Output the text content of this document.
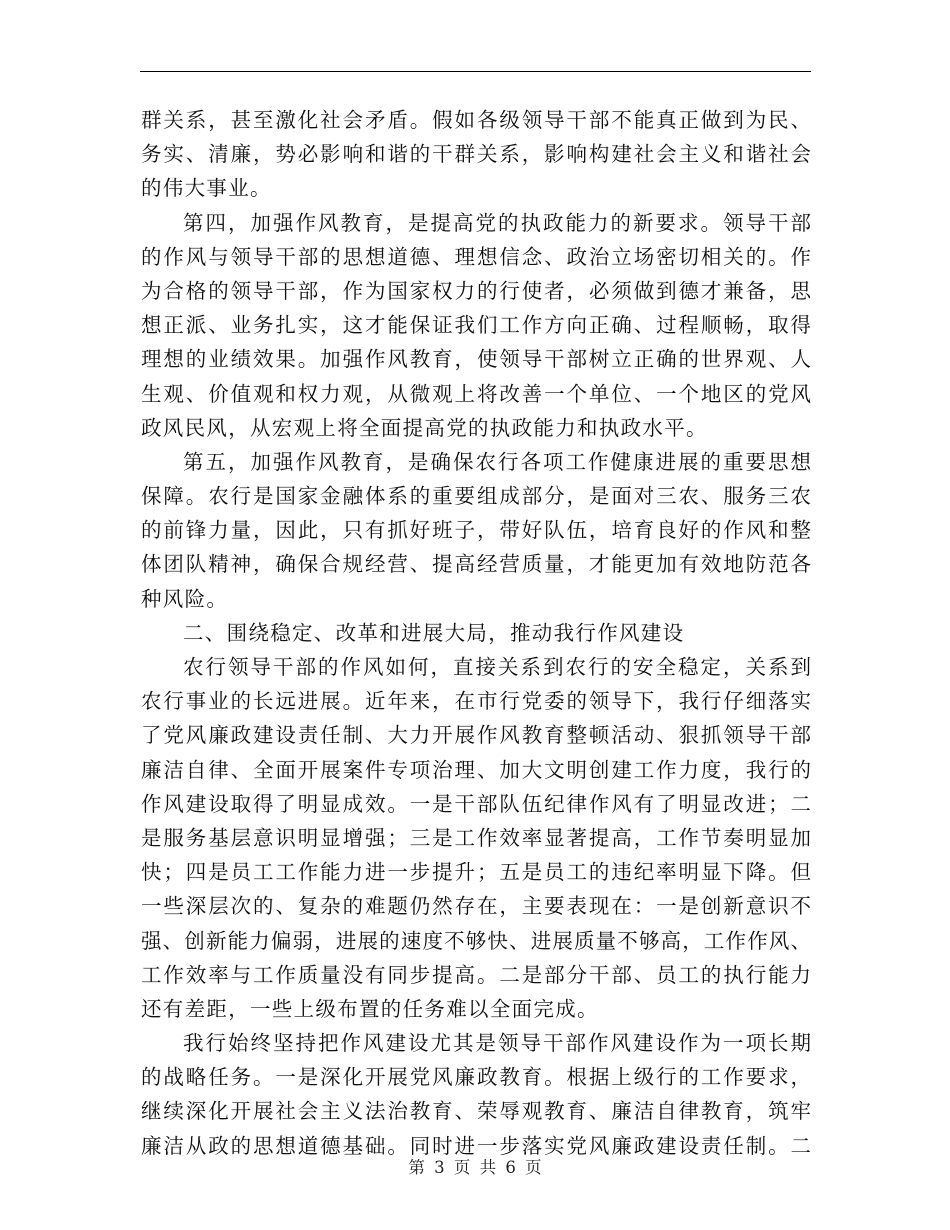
群关系，甚至激化社会矛盾。假如各级领导干部不能真正做到为民、
务实、清廉，势必影响和谐的干群关系，影响构建社会主义和谐社会
的伟大事业。
第四，加强作风教育，是提高党的执政能力的新要求。领导干部
的作风与领导干部的思想道德、理想信念、政治立场密切相关的。作
为合格的领导干部，作为国家权力的行使者，必须做到德才兼备，思
想正派、业务扎实，这才能保证我们工作方向正确、过程顺畅，取得
理想的业绩效果。加强作风教育，使领导干部树立正确的世界观、人
生观、价值观和权力观，从微观上将改善一个单位、一个地区的党风
政风民风，从宏观上将全面提高党的执政能力和执政水平。
第五，加强作风教育，是确保农行各项工作健康进展的重要思想
保障。农行是国家金融体系的重要组成部分，是面对三农、服务三农
的前锋力量，因此，只有抓好班子，带好队伍，培育良好的作风和整
体团队精神，确保合规经营、提高经营质量，才能更加有效地防范各
种风险。
二、围绕稳定、改革和进展大局，推动我行作风建设
农行领导干部的作风如何，直接关系到农行的安全稳定，关系到
农行事业的长远进展。近年来，在市行党委的领导下，我行仔细落实
了党风廉政建设责任制、大力开展作风教育整顿活动、狠抓领导干部
廉洁自律、全面开展案件专项治理、加大文明创建工作力度，我行的
作风建设取得了明显成效。一是干部队伍纪律作风有了明显改进；二
是服务基层意识明显增强；三是工作效率显著提高，工作节奏明显加
快；四是员工工作能力进一步提升；五是员工的违纪率明显下降。但
一些深层次的、复杂的难题仍然存在，主要表现在：一是创新意识不
强、创新能力偏弱，进展的速度不够快、进展质量不够高，工作作风、
工作效率与工作质量没有同步提高。二是部分干部、员工的执行能力
还有差距，一些上级布置的任务难以全面完成。
我行始终坚持把作风建设尤其是领导干部作风建设作为一项长期
的战略任务。一是深化开展党风廉政教育。根据上级行的工作要求，
继续深化开展社会主义法治教育、荣辱观教育、廉洁自律教育，筑牢
廉洁从政的思想道德基础。同时进一步落实党风廉政建设责任制。二
第 3 页 共 6 页
